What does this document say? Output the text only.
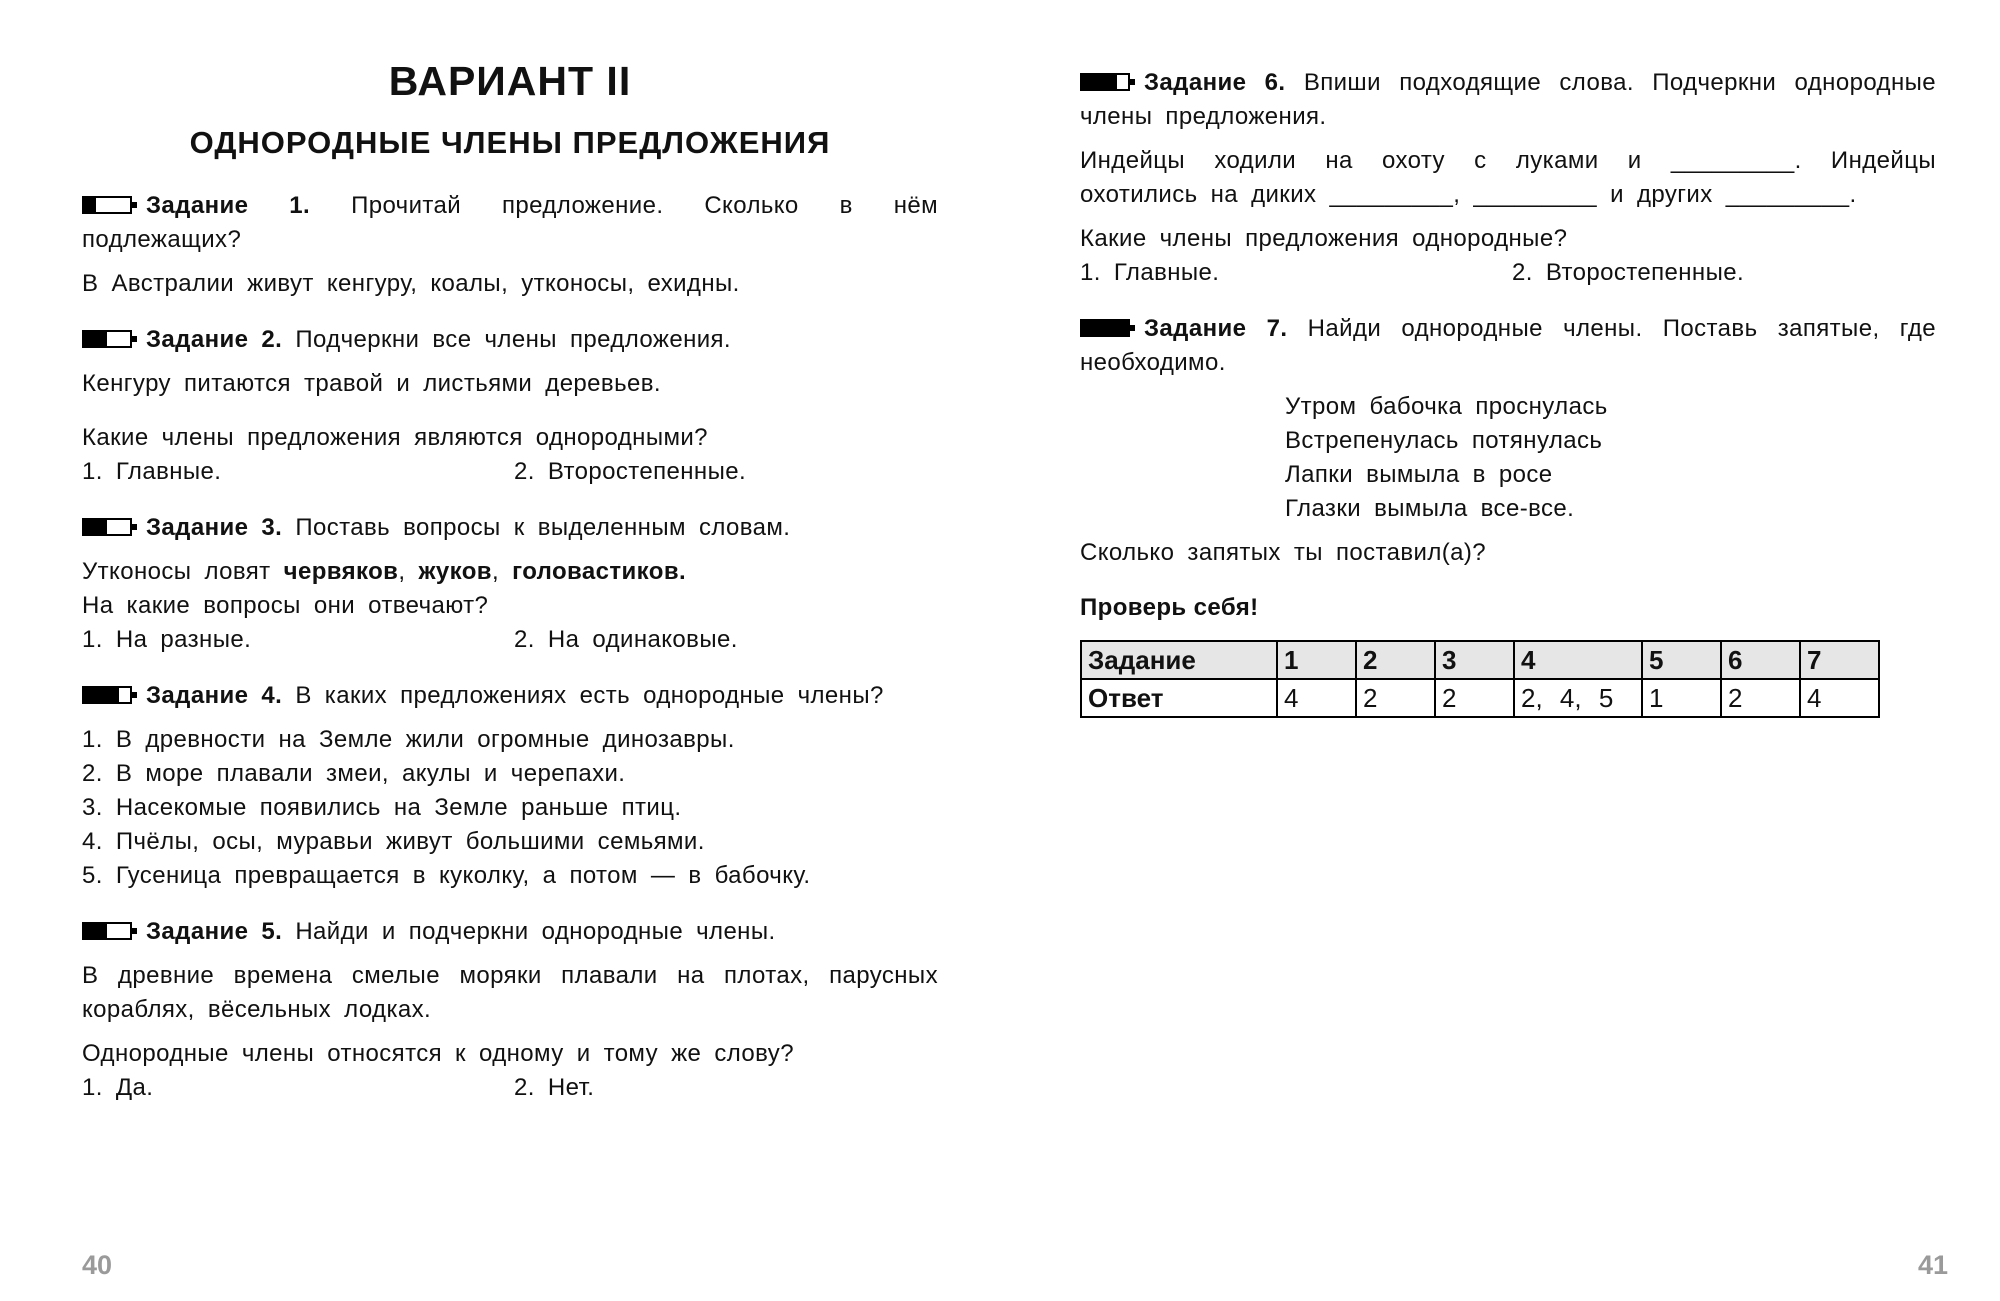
ВАРИАНТ II
ОДНОРОДНЫЕ ЧЛЕНЫ ПРЕДЛОЖЕНИЯ

Задание 1. Прочитай предложение. Сколько в нём подлежащих?

В Австралии живут кенгуру, коалы, утконосы, ехидны.

Задание 2. Подчеркни все члены предложения.

Кенгуру питаются травой и листьями деревьев.

Какие члены предложения являются однородными?

1. Главные.	2. Второстепенные.

Задание 3. Поставь вопросы к выделенным словам.

Утконосы ловят червяков, жуков, головастиков.

На какие вопросы они отвечают?

1. На разные.	2. На одинаковые.

Задание 4. В каких предложениях есть однородные члены?

1. В древности на Земле жили огромные динозавры.
2. В море плавали змеи, акулы и черепахи.
3. Насекомые появились на Земле раньше птиц.
4. Пчёлы, осы, муравьи живут большими семьями.
5. Гусеница превращается в куколку, а потом — в бабочку.

Задание 5. Найди и подчеркни однородные члены.

В древние времена смелые моряки плавали на плотах, парусных кораблях, вёсельных лодках.

Однородные члены относятся к одному и тому же слову?

1. Да.	2. Нет.
40

Задание 6. Впиши подходящие слова. Подчеркни однородные члены предложения.

Индейцы ходили на охоту с луками и _________. Индейцы охотились на диких _________, _________ и других _________.

Какие члены предложения однородные?

1. Главные.	2. Второстепенные.

Задание 7. Найди однородные члены. Поставь запятые, где необходимо.

Утром бабочка проснулась

Встрепенулась потянулась

Лапки вымыла в росе

Глазки вымыла все-все.

Сколько запятых ты поставил(а)?

Проверь себя!
Задание	1	2	3	4	5	6	7
Ответ	4	2	2	2, 4, 5	1	2	4
41
